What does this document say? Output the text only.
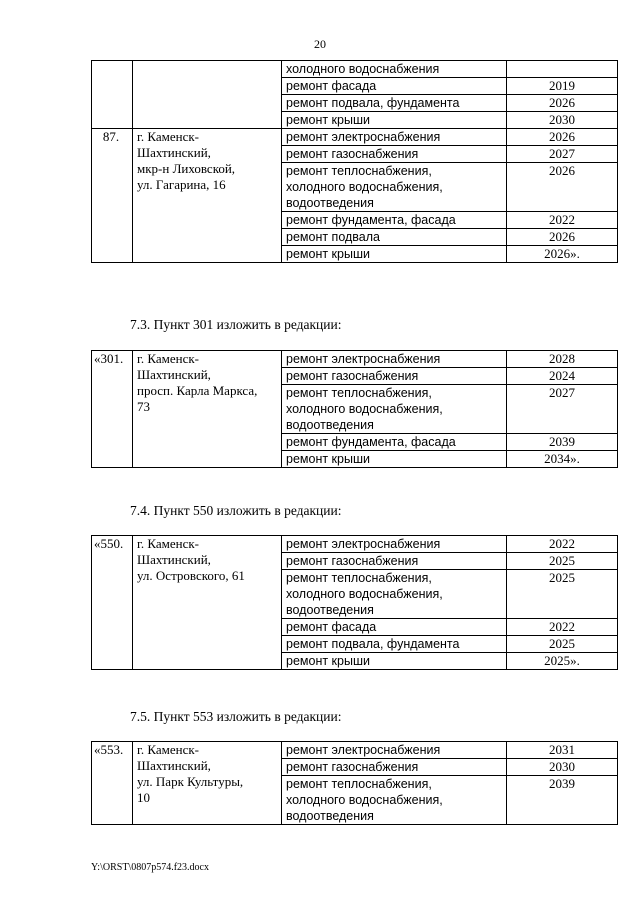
20
		холодного водоснабжения	
		ремонт фасада	2019
		ремонт подвала, фундамента	2026
		ремонт крыши	2030
87.	г. Каменск-
Шахтинский,
мкр-н Лиховской,
ул. Гагарина, 16	ремонт электроснабжения	2026
		ремонт газоснабжения	2027

		ремонт теплоснабжения,
холодного водоснабжения,
водоотведения	2026
		ремонт фундамента, фасада	2022
		ремонт подвала	2026
		ремонт крыши	2026».
7.3. Пункт 301 изложить в редакции:
«301.	г. Каменск-
Шахтинский,
просп. Карла Маркса,
73	ремонт электроснабжения	2028
		ремонт газоснабжения	2024

		ремонт теплоснабжения,
холодного водоснабжения,
водоотведения	2027
		ремонт фундамента, фасада	2039
		ремонт крыши	2034».
7.4. Пункт 550 изложить в редакции:
«550.	г. Каменск-
Шахтинский,
ул. Островского, 61	ремонт электроснабжения	2022
		ремонт газоснабжения	2025

		ремонт теплоснабжения,
холодного водоснабжения,
водоотведения	2025
		ремонт фасада	2022
		ремонт подвала, фундамента	2025
		ремонт крыши	2025».
7.5. Пункт 553 изложить в редакции:
«553.	г. Каменск-
Шахтинский,
ул. Парк Культуры,
10	ремонт электроснабжения	2031
		ремонт газоснабжения	2030

		ремонт теплоснабжения,
холодного водоснабжения,
водоотведения	2039
Y:\ORST\0807p574.f23.docx
